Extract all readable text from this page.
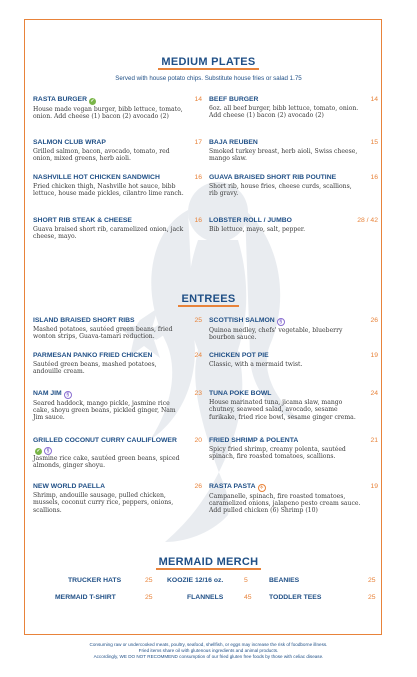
MEDIUM PLATES
Served with house potato chips. Substitute house fries or salad 1.75
RASTA BURGER ✓	14
House made vegan burger, bibb lettuce, tomato, onion. Add cheese (1) bacon (2) avocado (2)
BEEF BURGER	14
6oz. all beef burger, bibb lettuce, tomato, onion. Add cheese (1) bacon (2) avocado (2)
SALMON CLUB WRAP	17
Grilled salmon, bacon, avocado, tomato, red onion, mixed greens, herb aioli.
BAJA REUBEN	15
Smoked turkey breast, herb aioli, Swiss cheese, mango slaw.
NASHVILLE HOT CHICKEN SANDWICH	16
Fried chicken thigh, Nashville hot sauce, bibb lettuce, house made pickles, cilantro lime ranch.
GUAVA BRAISED SHORT RIB POUTINE	16
Short rib, house fries, cheese curds, scallions, rib gravy.
SHORT RIB STEAK & CHEESE	16
Guava braised short rib, caramelized onion, jack cheese, mayo.
LOBSTER ROLL / JUMBO	28 / 42
Bib lettuce, mayo, salt, pepper.
ENTREES
ISLAND BRAISED SHORT RIBS	25
Mashed potatoes, sautéed green beans, fried wonton strips, Guava-tamari reduction.
SCOTTISH SALMON §	26
Quinoa medley, chefs' vegetable, blueberry bourbon sauce.
PARMESAN PANKO FRIED CHICKEN	24
Sautéed green beans, mashed potatoes, andouille cream.
CHICKEN POT PIE	19
Classic, with a mermaid twist.
NAM JIM §	23
Seared haddock, mango pickle, jasmine rice cake, shoyu green beans, pickled ginger, Nam Jim sauce.
TUNA POKE BOWL	24
House marinated tuna, jicama slaw, mango chutney, seaweed salad, avocado, sesame furikake, fried rice bowl, sesame ginger crema.
GRILLED COCONUT CURRY CAULIFLOWER✓ §
20
Jasmine rice cake, sautéed green beans, spiced almonds, ginger shoyu.
FRIED SHRIMP & POLENTA	21
Spicy fried shrimp, creamy polenta, sautéed spinach, fire roasted tomatoes, scallions.
NEW WORLD PAELLA	26
Shrimp, andouille sausage, pulled chicken, mussels, coconut curry rice, peppers, onions, scallions.
RASTA PASTA ✧	19
Campanelle, spinach, fire roasted tomatoes, caramelized onions, jalapeno pesto cream sauce. Add pulled chicken (6) Shrimp (10)
MERMAID MERCH
TRUCKER HATS	25 KOOZIE 12/16 oz.	5	BEANIES	25
MERMAID T-SHIRT	25	FLANNELS	45	TODDLER TEES	25
Consuming raw or undercooked meats, poultry, seafood, shellfish, or eggs may increase the risk of foodborne illness.
Fried items share oil with glutenous ingredients and animal products.
Accordingly, WE DO NOT RECOMMEND consumption of our fried gluten free foods by those with celiac disease.
